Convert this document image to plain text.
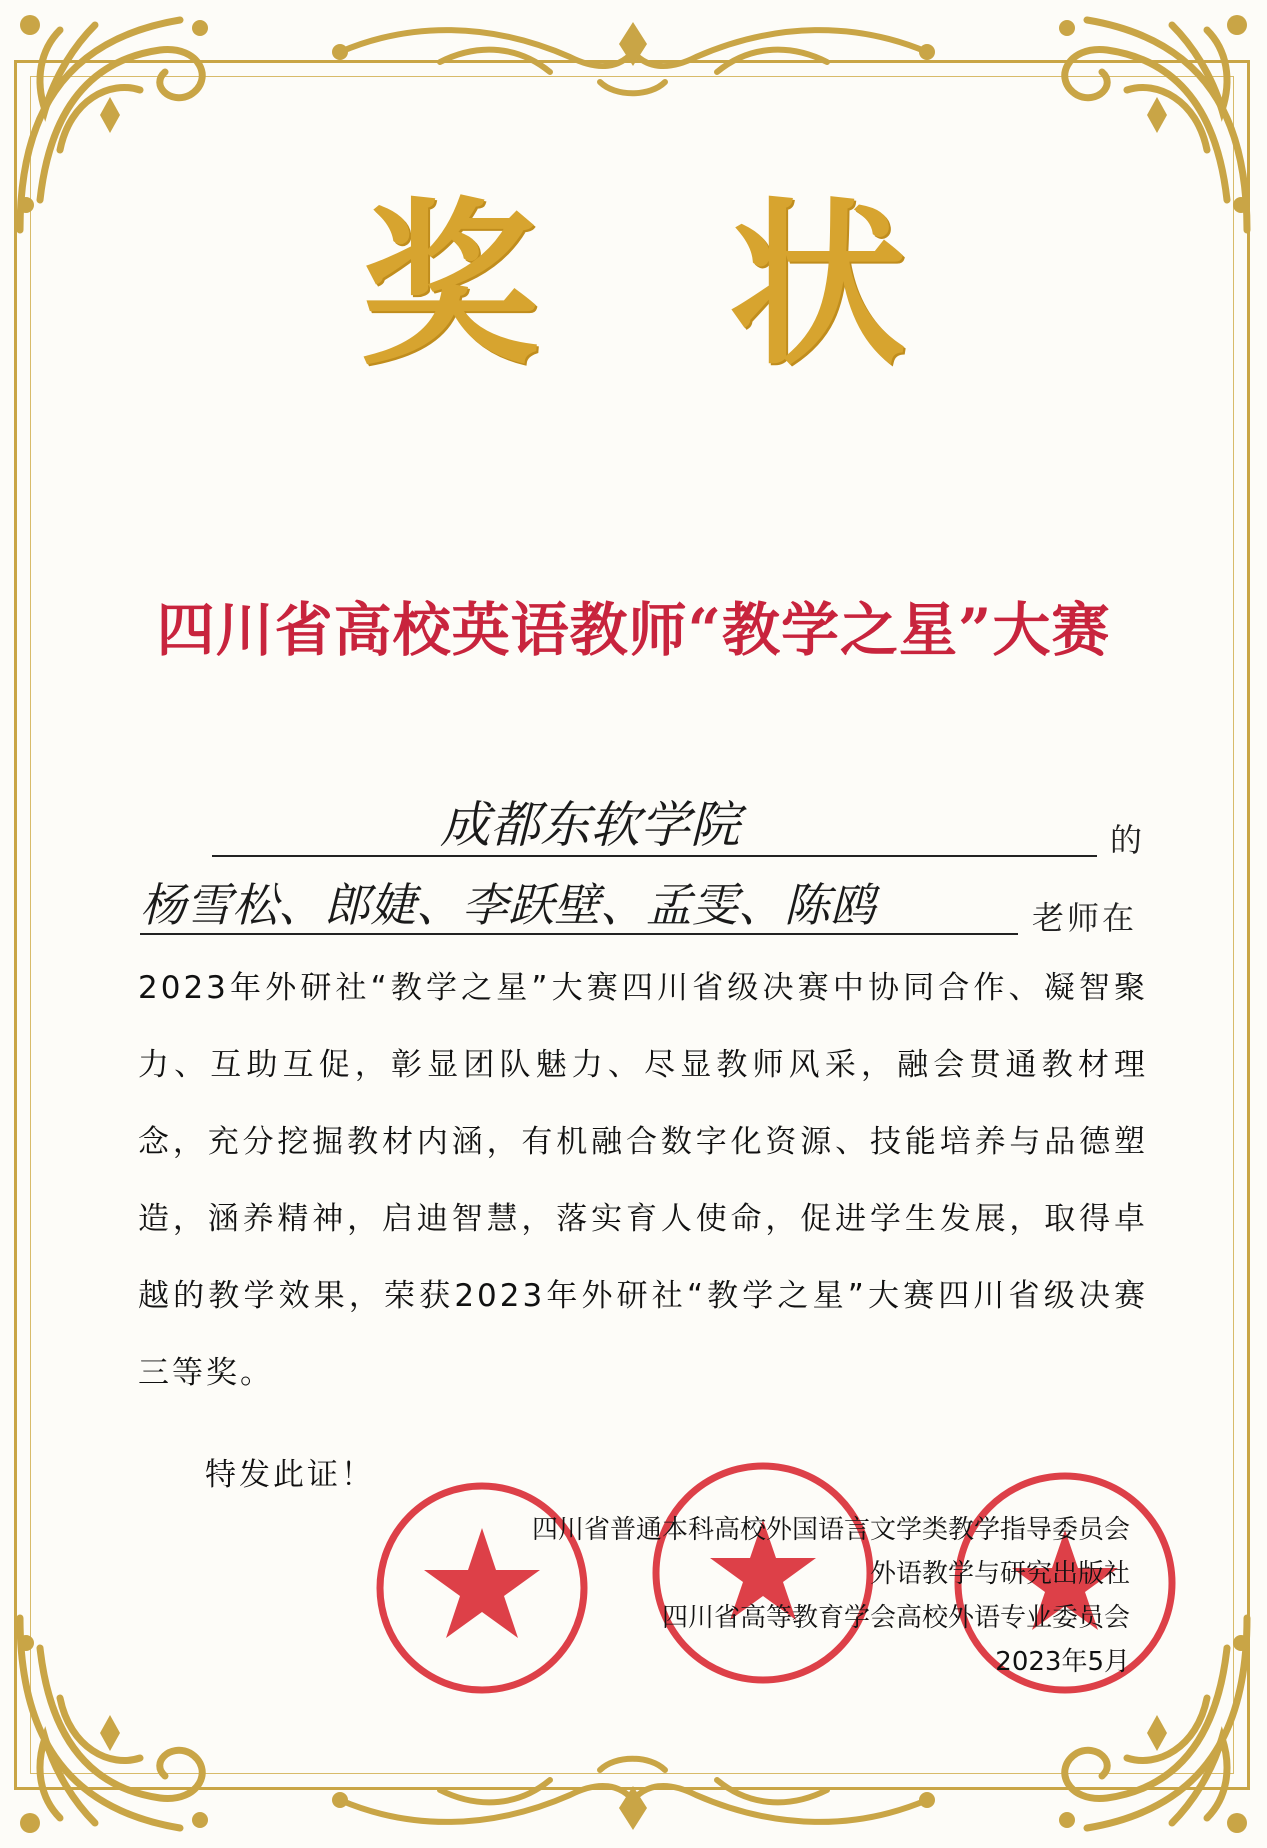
奖状
四川省高校英语教师“教学之星”大赛
成都东软学院	的
杨雪松、郎婕、李跃壁、孟雯、陈鸥	老师在
2023年外研社“教学之星”大赛四川省级决赛中协同合作、凝智聚力、互助互促，彰显团队魅力、尽显教师风采，融会贯通教材理念，充分挖掘教材内涵，有机融合数字化资源、技能培养与品德塑造，涵养精神，启迪智慧，落实育人使命，促进学生发展，取得卓越的教学效果，荣获2023年外研社“教学之星”大赛四川省级决赛三等奖。
特发此证！
四川省普通本科高校外国语言文学类教学指导委员会
外语教学与研究出版社
四川省高等教育学会高校外语专业委员会
2023年5月
